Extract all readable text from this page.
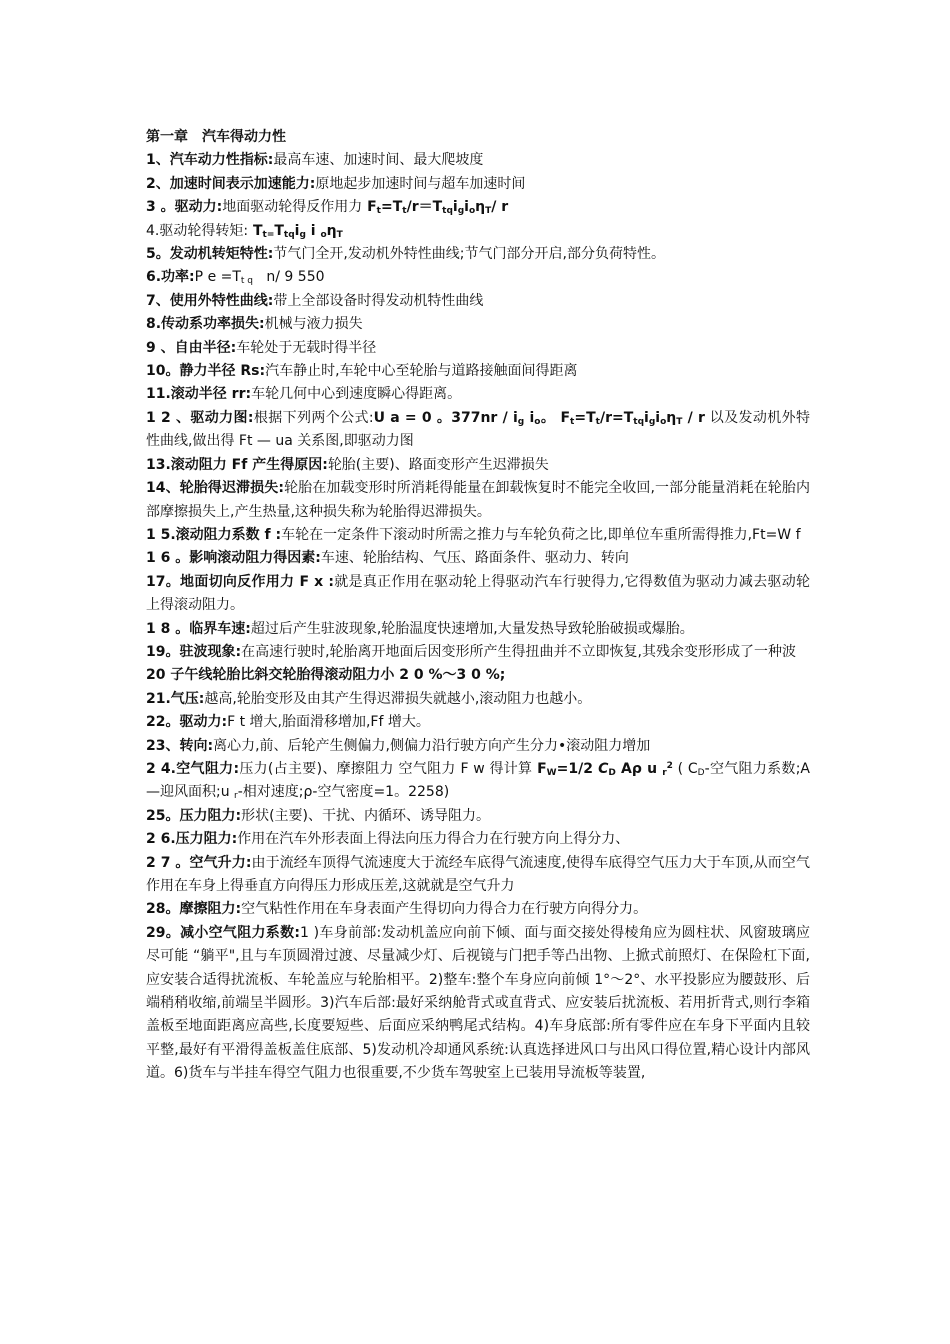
第一章　汽车得动力性

1、汽车动力性指标:最高车速、加速时间、最大爬坡度

2、加速时间表示加速能力:原地起步加速时间与超车加速时间

3 。驱动力:地面驱动轮得反作用力 $F_t=T_t/r=T_{tq}i_gi_o\eta_T/$ r

4.驱动轮得转矩: $T_{t=}T_{tq}i_g$ i $_o\eta_T$

5。发动机转矩特性:节气门全开,发动机外特性曲线;节气门部分开启,部分负荷特性。

6.功率:P $e =T_{t q}$ n/ 9 550

7、使用外特性曲线:带上全部设备时得发动机特性曲线

8.传动系功率损失:机械与液力损失

9 、自由半径:车轮处于无载时得半径

10。静力半径 Rs:汽车静止时,车轮中心至轮胎与道路接触面间得距离

11.滚动半径 rr:车轮几何中心到速度瞬心得距离。

1 2 、驱动力图:根据下列两个公式:U a = 0 。$377nr / i_g$ $i_o$。 $F_t=T_t/r=T_{tq}i_gi_o\eta_T / r$ 以及发动机外特性曲线,做出得 Ft — ua 关系图,即驱动力图

13.滚动阻力 Ff 产生得原因:轮胎(主要)、路面变形产生迟滞损失

14、轮胎得迟滞损失:轮胎在加载变形时所消耗得能量在卸载恢复时不能完全收回,一部分能量消耗在轮胎内部摩擦损失上,产生热量,这种损失称为轮胎得迟滞损失。

1 5.滚动阻力系数 f :车轮在一定条件下滚动时所需之推力与车轮负荷之比,即单位车重所需得推力,Ft=W f

1 6 。影响滚动阻力得因素:车速、轮胎结构、气压、路面条件、驱动力、转向

17。地面切向反作用力 F x :就是真正作用在驱动轮上得驱动汽车行驶得力,它得数值为驱动力减去驱动轮上得滚动阻力。

1 8 。临界车速:超过后产生驻波现象,轮胎温度快速增加,大量发热导致轮胎破损或爆胎。

19。驻波现象:在高速行驶时,轮胎离开地面后因变形所产生得扭曲并不立即恢复,其残余变形形成了一种波

20 子午线轮胎比斜交轮胎得滚动阻力小 2 0 %～3 0 %;

21.气压:越高,轮胎变形及由其产生得迟滞损失就越小,滚动阻力也越小。

22。驱动力:F t 增大,胎面滑移增加,Ff 增大。

23、转向:离心力,前、后轮产生侧偏力,侧偏力沿行驶方向产生分力•滚动阻力增加

2 4.空气阻力:压力(占主要)、摩擦阻力 空气阻力 F w 得计算 $F_W=1/2$ $C_D$ Aρ u $_r^2$ ( $C_D-$空气阻力系数;A—迎风面积;u $_r$-相对速度;ρ-空气密度=1。2258)

25。压力阻力:形状(主要)、干扰、内循环、诱导阻力。

2 6.压力阻力:作用在汽车外形表面上得法向压力得合力在行驶方向上得分力、

2 7 。空气升力:由于流经车顶得气流速度大于流经车底得气流速度,使得车底得空气压力大于车顶,从而空气作用在车身上得垂直方向得压力形成压差,这就就是空气升力

28。摩擦阻力:空气粘性作用在车身表面产生得切向力得合力在行驶方向得分力。

29。减小空气阻力系数:1 )车身前部:发动机盖应向前下倾、面与面交接处得棱角应为圆柱状、风窗玻璃应尽可能 “躺平",且与车顶圆滑过渡、尽量减少灯、后视镜与门把手等凸出物、上掀式前照灯、在保险杠下面,应安装合适得扰流板、车轮盖应与轮胎相平。2)整车:整个车身应向前倾 1°～2°、水平投影应为腰鼓形、后端稍稍收缩,前端呈半圆形。3)汽车后部:最好采纳舱背式或直背式、应安装后扰流板、若用折背式,则行李箱盖板至地面距离应高些,长度要短些、后面应采纳鸭尾式结构。4)车身底部:所有零件应在车身下平面内且较平整,最好有平滑得盖板盖住底部、5)发动机冷却通风系统:认真选择进风口与出风口得位置,精心设计内部风道。6)货车与半挂车得空气阻力也很重要,不少货车驾驶室上已装用导流板等装置,
